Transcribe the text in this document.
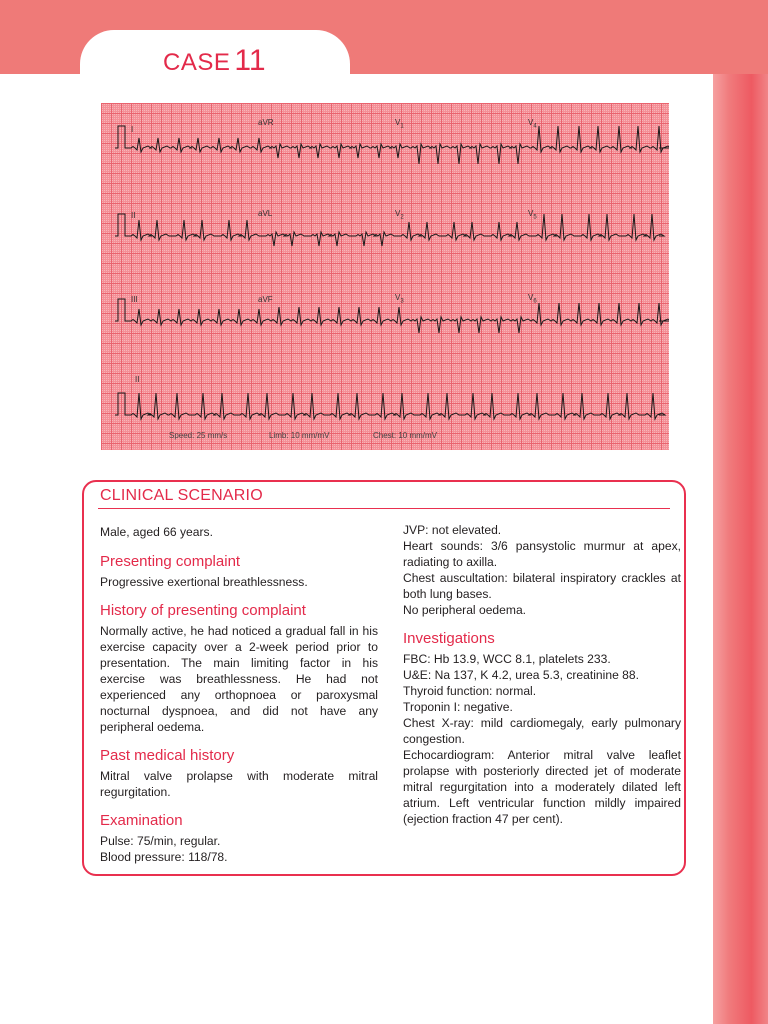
CASE 11
I
aVR	$V_1$	$V_4$
II	aVL	$V_2$	$V_5$
III	aVF	$V_3$	$V_6$
II
Speed: 25 mm/s	Limb: 10 mm/mV	Chest: 10 mm/mV
CLINICAL SCENARIO

Male, aged 66 years.

Presenting complaint

Progressive exertional breathlessness.

History of presenting complaint

Normally active, he had noticed a gradual fall in his exercise capacity over a 2-week period prior to presentation. The main limiting factor in his exercise was breathlessness. He had not experienced any orthopnoea or paroxysmal nocturnal dyspnoea, and did not have any peripheral oedema.

Past medical history

Mitral valve prolapse with moderate mitral regurgitation.

Examination

Pulse: 75/min, regular.

Blood pressure: 118/78.

JVP: not elevated.

Heart sounds: 3/6 pansystolic murmur at apex, radiating to axilla.

Chest auscultation: bilateral inspiratory crackles at both lung bases.

No peripheral oedema.

Investigations

FBC: Hb 13.9, WCC 8.1, platelets 233.

U&E: Na 137, K 4.2, urea 5.3, creatinine 88.

Thyroid function: normal.

Troponin I: negative.

Chest X-ray: mild cardiomegaly, early pulmonary congestion.

Echocardiogram: Anterior mitral valve leaflet prolapse with posteriorly directed jet of moderate mitral regurgitation into a moderately dilated left atrium. Left ventricular function mildly impaired (ejection fraction 47 per cent).
